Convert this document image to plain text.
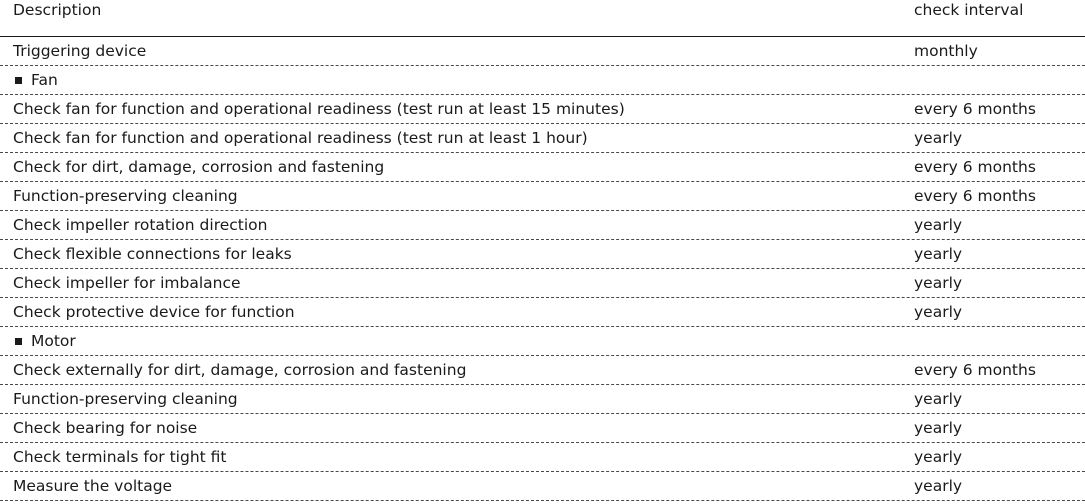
Description	check interval
Triggering device	monthly
Fan
Check fan for function and operational readiness (test run at least 15 minutes)	every 6 months
Check fan for function and operational readiness (test run at least 1 hour)	yearly
Check for dirt, damage, corrosion and fastening	every 6 months
Function-preserving cleaning	every 6 months
Check impeller rotation direction	yearly
Check flexible connections for leaks	yearly
Check impeller for imbalance	yearly
Check protective device for function	yearly
Motor
Check externally for dirt, damage, corrosion and fastening	every 6 months
Function-preserving cleaning	yearly
Check bearing for noise	yearly
Check terminals for tight fit	yearly
Measure the voltage	yearly
